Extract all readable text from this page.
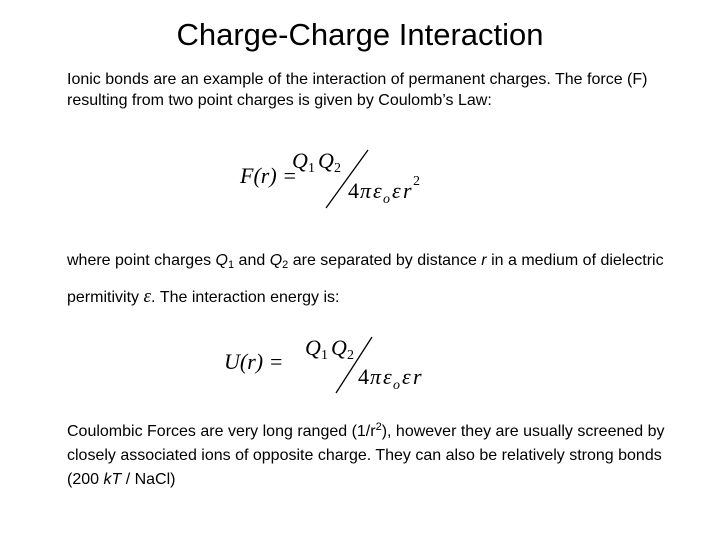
Charge-Charge Interaction
Ionic bonds are an example of the interaction of permanent charges. The force (F) resulting from two point charges is given by Coulomb’s Law:
F(r) =
Q 1 Q 2
4 π ε o ε r 2
where point charges $Q_1$ and $Q_2$ are separated by distance r in a medium of dielectric permitivity ε. The interaction energy is:
U(r) =
Q 1 Q 2
4 π ε o ε r
Coulombic Forces are very long ranged $(1/r^2)$, however they are usually screened by closely associated ions of opposite charge. They can also be relatively strong bonds (200 kT / NaCl)
